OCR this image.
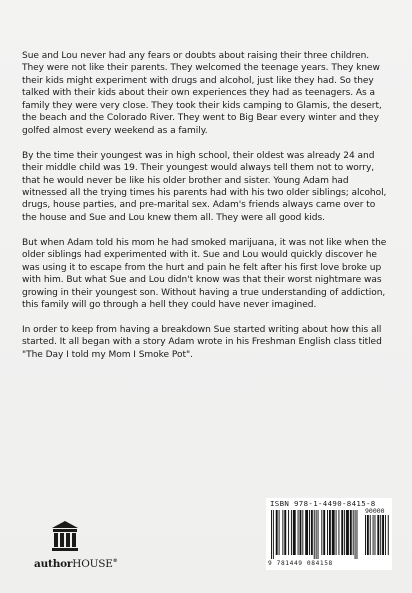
Sue and Lou never had any fears or doubts about raising their three children. They were not like their parents. They welcomed the teenage years. They knew their kids might experiment with drugs and alcohol, just like they had. So they talked with their kids about their own experiences they had as teenagers. As a family they were very close. They took their kids camping to Glamis, the desert, the beach and the Colorado River. They went to Big Bear every winter and they golfed almost every weekend as a family.

By the time their youngest was in high school, their oldest was already 24 and their middle child was 19. Their youngest would always tell them not to worry, that he would never be like his older brother and sister. Young Adam had witnessed all the trying times his parents had with his two older siblings; alcohol, drugs, house parties, and pre-marital sex. Adam's friends always came over to the house and Sue and Lou knew them all. They were all good kids.

But when Adam told his mom he had smoked marijuana, it was not like when the older siblings had experimented with it. Sue and Lou would quickly discover he was using it to escape from the hurt and pain he felt after his first love broke up with him. But what Sue and Lou didn't know was that their worst nightmare was growing in their youngest son. Without having a true understanding of addiction, this family will go through a hell they could have never imagined.

In order to keep from having a breakdown Sue started writing about how this all started. It all began with a story Adam wrote in his Freshman English class titled "The Day I told my Mom I Smoke Pot".

authorHOUSE®
ISBN 978-1-4490-8415-8
90000
9 781449 084158
